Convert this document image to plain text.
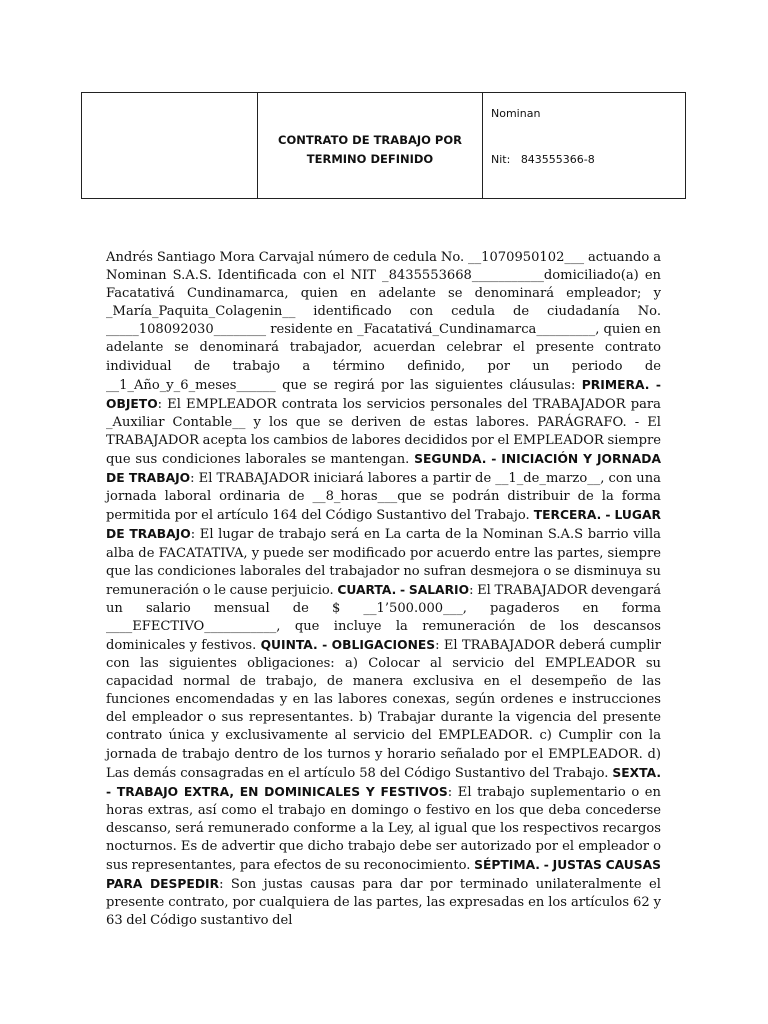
CONTRATO DE TRABAJO POR
TERMINO DEFINIDO

Nominan
Nit: 843555366-8

Andrés Santiago Mora Carvajal número de cedula No. __1070950102___ actuando a Nominan S.A.S. Identificada con el NIT _8435553668___________domiciliado(a) en Facatativá Cundinamarca, quien en adelante se denominará empleador; y _María_Paquita_Colagenin__ identificado con cedula de ciudadanía No. _____108092030________ residente en _Facatativá_Cundinamarca_________, quien en adelante se denominará trabajador, acuerdan celebrar el presente contrato individual de trabajo a término definido, por un periodo de __1_Año_y_6_meses______ que se regirá por las siguientes cláusulas: PRIMERA. - OBJETO: El EMPLEADOR contrata los servicios personales del TRABAJADOR para _Auxiliar Contable__ y los que se deriven de estas labores. PARÁGRAFO. - El TRABAJADOR acepta los cambios de labores decididos por el EMPLEADOR siempre que sus condiciones laborales se mantengan. SEGUNDA. - INICIACIÓN Y JORNADA DE TRABAJO: El TRABAJADOR iniciará labores a partir de __1_de_marzo__, con una jornada laboral ordinaria de __8_horas___que se podrán distribuir de la forma permitida por el artículo 164 del Código Sustantivo del Trabajo. TERCERA. - LUGAR DE TRABAJO: El lugar de trabajo será en La carta de la Nominan S.A.S barrio villa alba de FACATATIVA, y puede ser modificado por acuerdo entre las partes, siempre que las condiciones laborales del trabajador no sufran desmejora o se disminuya su remuneración o le cause perjuicio. CUARTA. - SALARIO: El TRABAJADOR devengará un salario mensual de $ __1’500.000___, pagaderos en forma ____EFECTIVO___________, que incluye la remuneración de los descansos dominicales y festivos. QUINTA. - OBLIGACIONES: El TRABAJADOR deberá cumplir con las siguientes obligaciones: a) Colocar al servicio del EMPLEADOR su capacidad normal de trabajo, de manera exclusiva en el desempeño de las funciones encomendadas y en las labores conexas, según ordenes e instrucciones del empleador o sus representantes. b) Trabajar durante la vigencia del presente contrato única y exclusivamente al servicio del EMPLEADOR. c) Cumplir con la jornada de trabajo dentro de los turnos y horario señalado por el EMPLEADOR. d) Las demás consagradas en el artículo 58 del Código Sustantivo del Trabajo. SEXTA. - TRABAJO EXTRA, EN DOMINICALES Y FESTIVOS: El trabajo suplementario o en horas extras, así como el trabajo en domingo o festivo en los que deba concederse descanso, será remunerado conforme a la Ley, al igual que los respectivos recargos nocturnos. Es de advertir que dicho trabajo debe ser autorizado por el empleador o sus representantes, para efectos de su reconocimiento. SÉPTIMA. - JUSTAS CAUSAS PARA DESPEDIR: Son justas causas para dar por terminado unilateralmente el presente contrato, por cualquiera de las partes, las expresadas en los artículos 62 y 63 del Código sustantivo del
